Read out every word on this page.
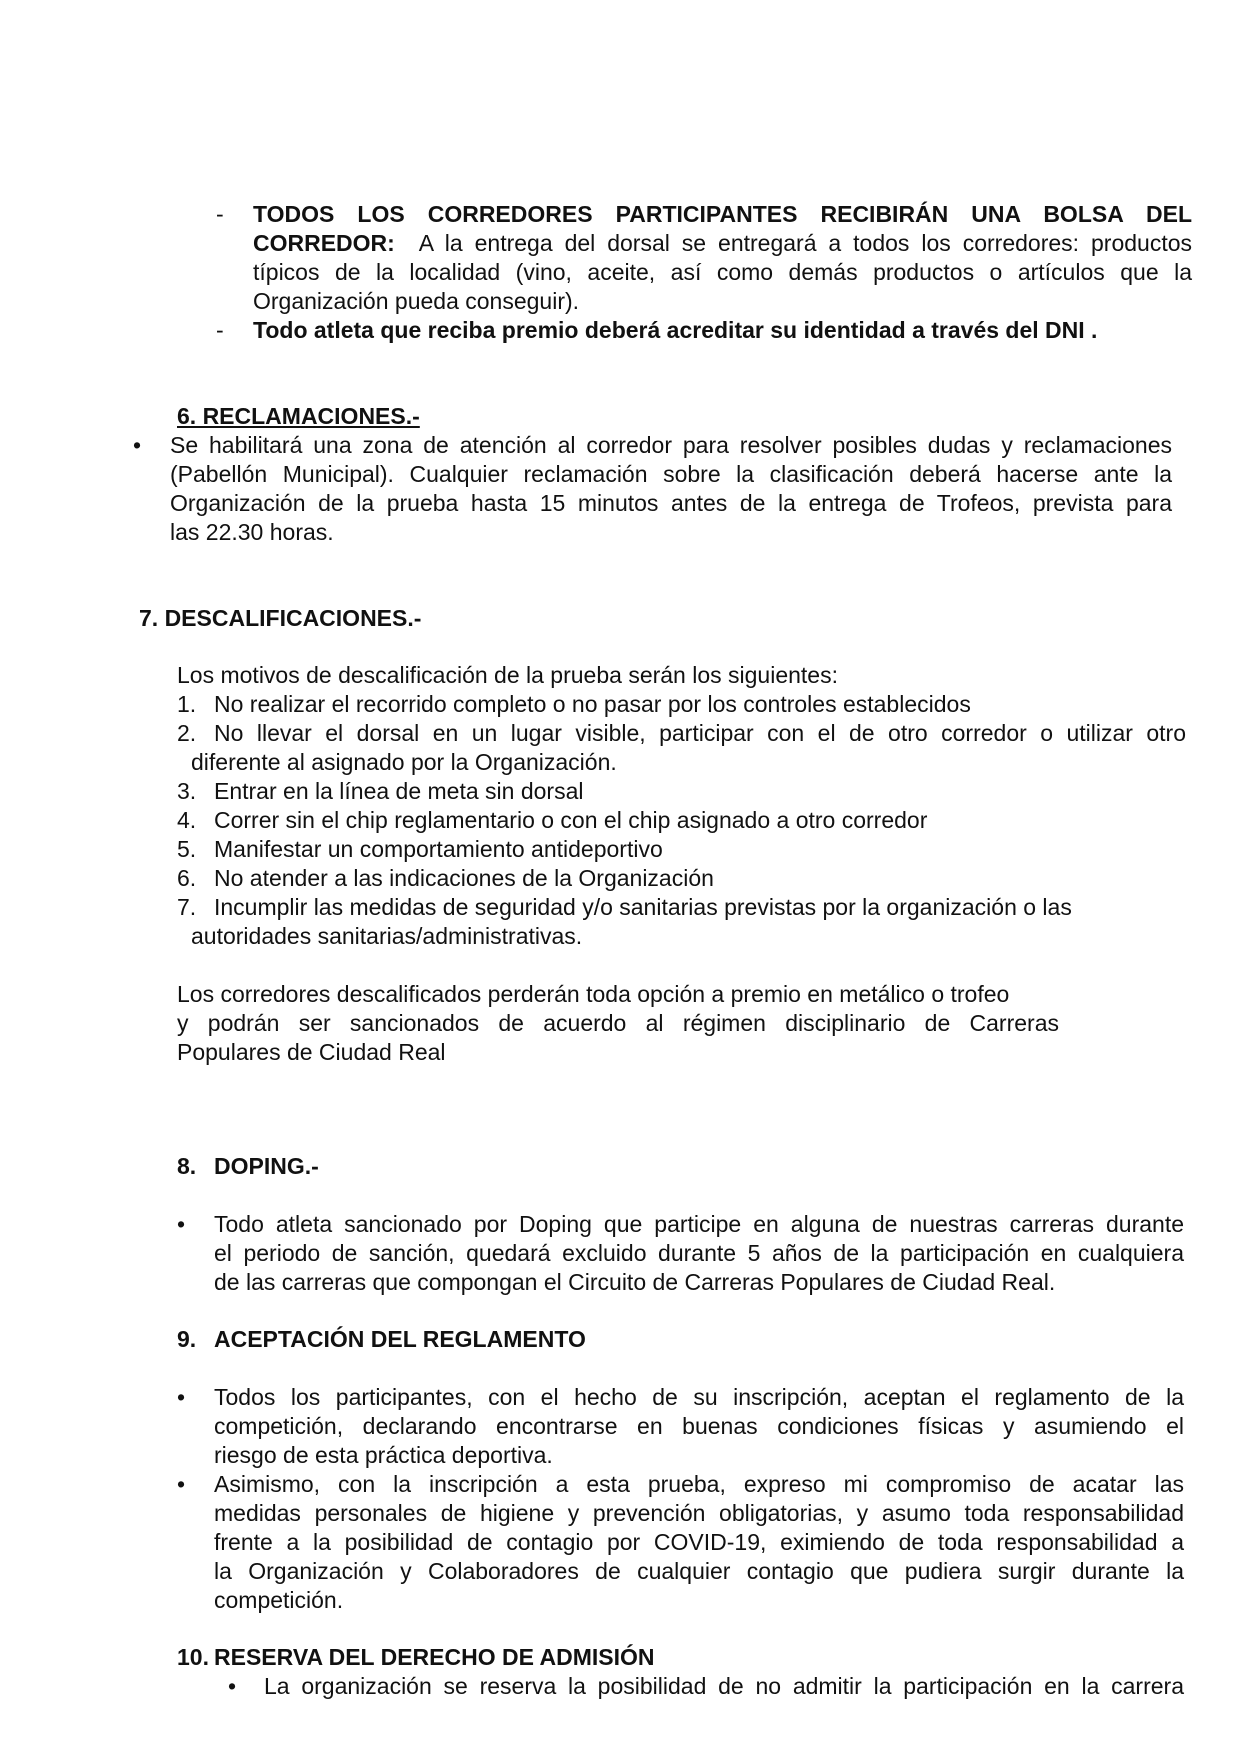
- TODOS LOS CORREDORES PARTICIPANTES RECIBIRÁN UNA BOLSA DEL
CORREDOR: A la entrega del dorsal se entregará a todos los corredores: productos
típicos de la localidad (vino, aceite, así como demás productos o artículos que la
Organización pueda conseguir).
- Todo atleta que reciba premio deberá acreditar su identidad a través del DNI .
6. RECLAMACIONES.-
• Se habilitará una zona de atención al corredor para resolver posibles dudas y reclamaciones
(Pabellón Municipal). Cualquier reclamación sobre la clasificación deberá hacerse ante la
Organización de la prueba hasta 15 minutos antes de la entrega de Trofeos, prevista para
las 22.30 horas.
7. DESCALIFICACIONES.-
Los motivos de descalificación de la prueba serán los siguientes:
1. No realizar el recorrido completo o no pasar por los controles establecidos
2. No llevar el dorsal en un lugar visible, participar con el de otro corredor o utilizar otro
diferente al asignado por la Organización.
3. Entrar en la línea de meta sin dorsal
4. Correr sin el chip reglamentario o con el chip asignado a otro corredor
5. Manifestar un comportamiento antideportivo
6. No atender a las indicaciones de la Organización
7. Incumplir las medidas de seguridad y/o sanitarias previstas por la organización o las
autoridades sanitarias/administrativas.
Los corredores descalificados perderán toda opción a premio en metálico o trofeo
y podrán ser sancionados de acuerdo al régimen disciplinario de Carreras
Populares de Ciudad Real
8. DOPING.-
• Todo atleta sancionado por Doping que participe en alguna de nuestras carreras durante
el periodo de sanción, quedará excluido durante 5 años de la participación en cualquiera
de las carreras que compongan el Circuito de Carreras Populares de Ciudad Real.
9. ACEPTACIÓN DEL REGLAMENTO
• Todos los participantes, con el hecho de su inscripción, aceptan el reglamento de la
competición, declarando encontrarse en buenas condiciones físicas y asumiendo el
riesgo de esta práctica deportiva.
• Asimismo, con la inscripción a esta prueba, expreso mi compromiso de acatar las
medidas personales de higiene y prevención obligatorias, y asumo toda responsabilidad
frente a la posibilidad de contagio por COVID-19, eximiendo de toda responsabilidad a
la Organización y Colaboradores de cualquier contagio que pudiera surgir durante la
competición.
10. RESERVA DEL DERECHO DE ADMISIÓN
• La organización se reserva la posibilidad de no admitir la participación en la carrera
